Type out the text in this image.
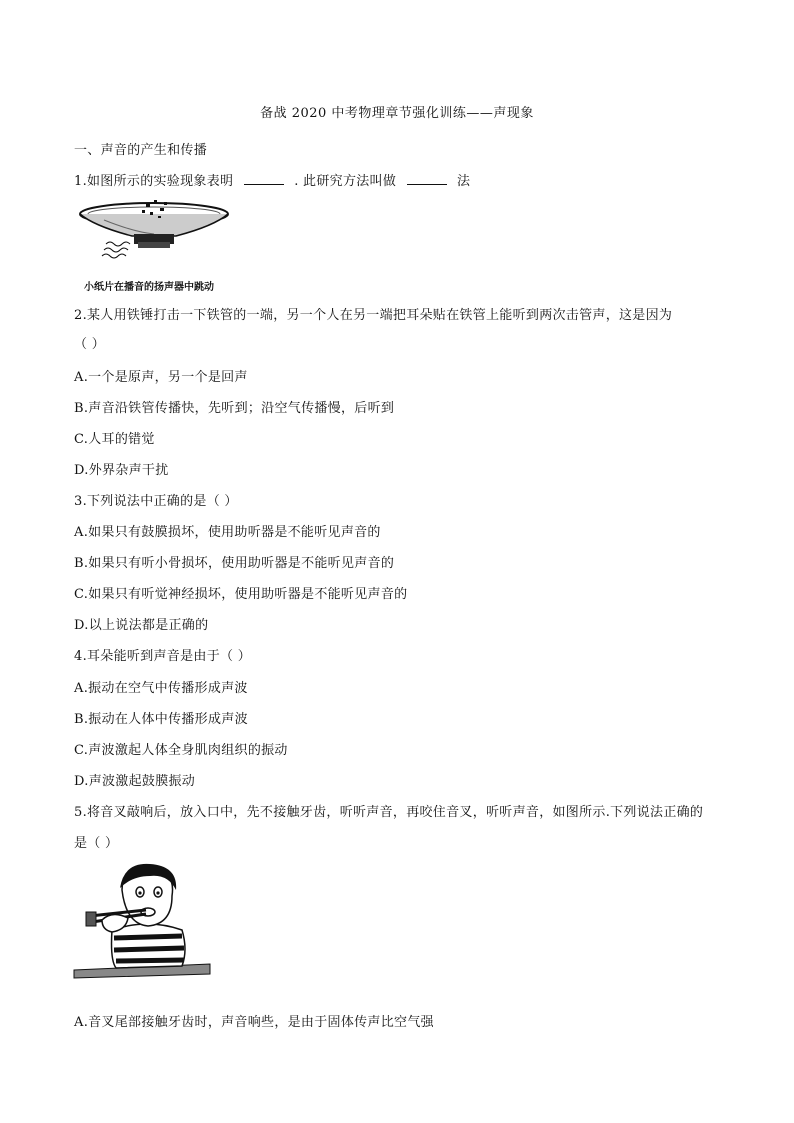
备战 2020 中考物理章节强化训练——声现象
一、声音的产生和传播
1.如图所示的实验现象表明	. 此研究方法叫做	法
小纸片在播音的扬声器中跳动
2.某人用铁锤打击一下铁管的一端，另一个人在另一端把耳朵贴在铁管上能听到两次击管声，这是因为
（ ）
A.一个是原声，另一个是回声
B.声音沿铁管传播快，先听到；沿空气传播慢，后听到
C.人耳的错觉
D.外界杂声干扰
3.下列说法中正确的是（ ）
A.如果只有鼓膜损坏，使用助听器是不能听见声音的
B.如果只有听小骨损坏，使用助听器是不能听见声音的
C.如果只有听觉神经损坏，使用助听器是不能听见声音的
D.以上说法都是正确的
4.耳朵能听到声音是由于（ ）
A.振动在空气中传播形成声波
B.振动在人体中传播形成声波
C.声波激起人体全身肌肉组织的振动
D.声波激起鼓膜振动
5.将音叉敲响后，放入口中，先不接触牙齿，听听声音，再咬住音叉，听听声音，如图所示.下列说法正确的
是（ ）
A.音叉尾部接触牙齿时，声音响些，是由于固体传声比空气强
